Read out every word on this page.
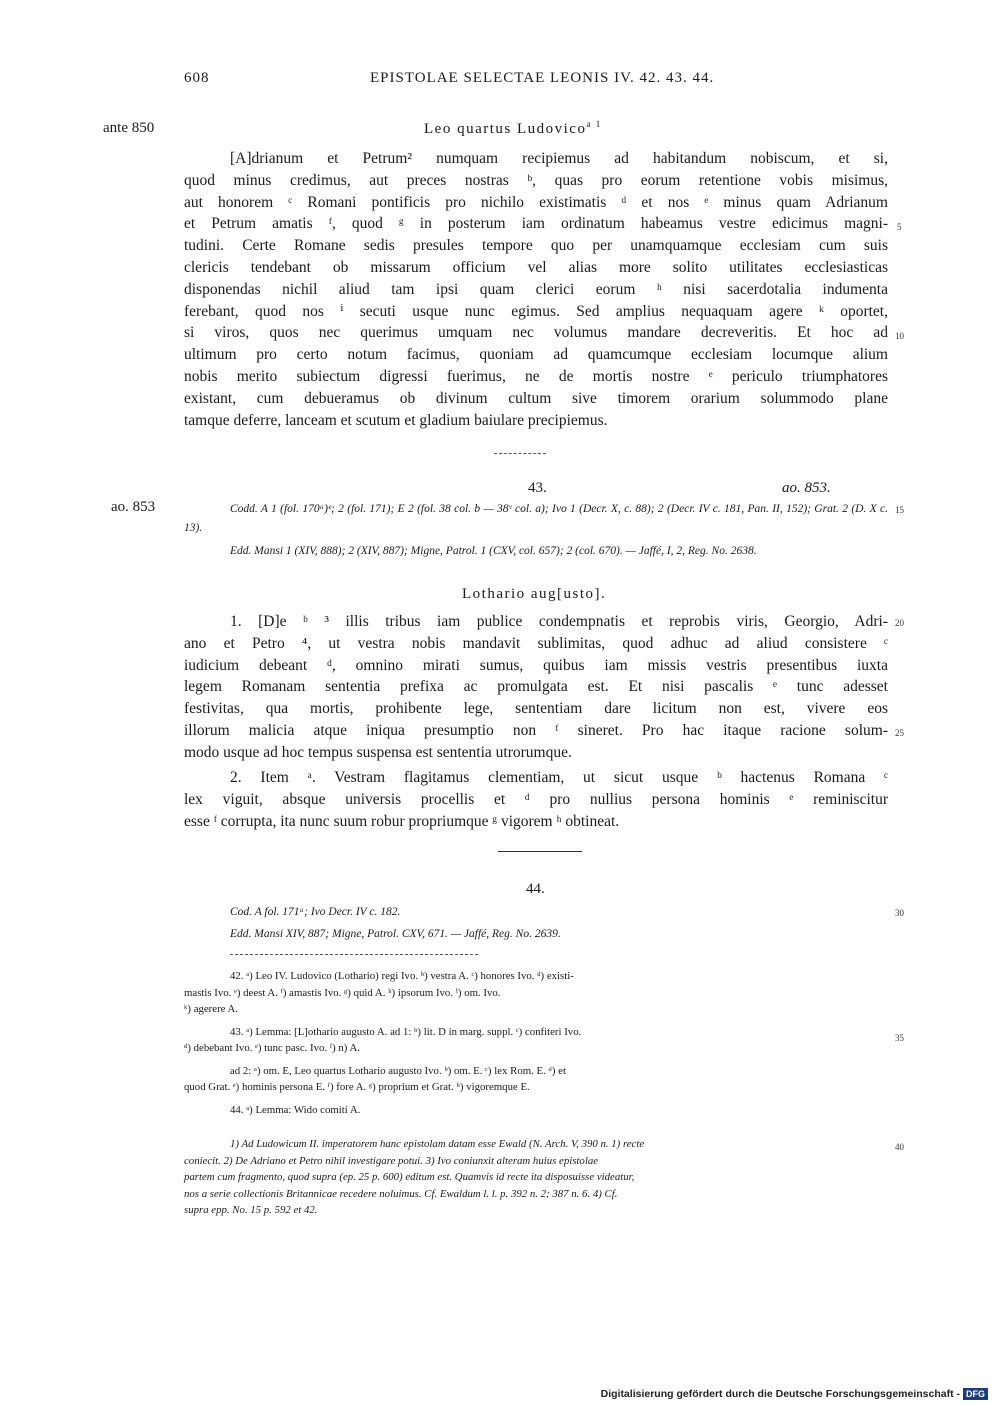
608	EPISTOLAE SELECTAE LEONIS IV. 42. 43. 44.
ante 850	Leo quartus Ludovico$^{a 1}$
[A]drianum et Petrum² numquam recipiemus ad habitandum nobiscum, et si,
quod minus credimus, aut preces nostras ᵇ, quas pro eorum retentione vobis misimus,
aut honorem ᶜ Romani pontificis pro nichilo existimatis ᵈ et nos ᵉ minus quam Adrianum
et Petrum amatis ᶠ, quod ᵍ in posterum iam ordinatum habeamus vestre edicimus magni-
tudini. Certe Romane sedis presules tempore quo per unamquamque ecclesiam cum suis
clericis tendebant ob missarum officium vel alias more solito utilitates ecclesiasticas
disponendas nichil aliud tam ipsi quam clerici eorum ʰ nisi sacerdotalia indumenta
ferebant, quod nos ⁱ secuti usque nunc egimus. Sed amplius nequaquam agere ᵏ oportet,
si viros, quos nec querimus umquam nec volumus mandare decreveritis. Et hoc ad
ultimum pro certo notum facimus, quoniam ad quamcumque ecclesiam locumque alium
nobis merito subiectum digressi fuerimus, ne de mortis nostre ᵉ periculo triumphatores
existant, cum debueramus ob divinum cultum sive timorem orarium solummodo plane
tamque deferre, lanceam et scutum et gladium baiulare precipiemus.
5
10
43.	ao. 853.
ao. 853	Codd. A 1 (fol. 170ᵃ)ᵉ; 2 (fol. 171); E 2 (fol. 38 col. b — 38ᵛ col. a); Ivo 1 (Decr. X, c. 88); 2 (Decr. IV c. 181, Pan. II, 152); Grat. 2 (D. X c. 13).
Edd. Mansi 1 (XIV, 888); 2 (XIV, 887); Migne, Patrol. 1 (CXV, col. 657); 2 (col. 670). — Jaffé, I, 2, Reg. No. 2638.
15
Lothario aug[usto].
1. [D]e ᵇ ³ illis tribus iam publice condempnatis et reprobis viris, Georgio, Adri-
ano et Petro ⁴, ut vestra nobis mandavit sublimitas, quod adhuc ad aliud consistere ᶜ
iudicium debeant ᵈ, omnino mirati sumus, quibus iam missis vestris presentibus iuxta
legem Romanam sententia prefixa ac promulgata est. Et nisi pascalis ᵉ tunc adesset
festivitas, qua mortis, prohibente lege, sententiam dare licitum non est, vivere eos
illorum malicia atque iniqua presumptio non ᶠ sineret. Pro hac itaque racione solum-
modo usque ad hoc tempus suspensa est sententia utrorumque.
20
25
2. Item ᵃ. Vestram flagitamus clementiam, ut sicut usque ᵇ hactenus Romana ᶜ
lex viguit, absque universis procellis et ᵈ pro nullius persona hominis ᵉ reminiscitur
esse ᶠ corrupta, ita nunc suum robur propriumque ᵍ vigorem ʰ obtineat.
44.
Cod. A fol. 171ᵃ; Ivo Decr. IV c. 182.
Edd. Mansi XIV, 887; Migne, Patrol. CXV, 671. — Jaffé, Reg. No. 2639.
30
42. ᵃ) Leo IV. Ludovico (Lothario) regi Ivo. ᵇ) vestra A. ᶜ) honores Ivo. ᵈ) existi-
mastis Ivo. ᵉ) deest A. ᶠ) amastis Ivo. ᵍ) quid A. ʰ) ipsorum Ivo. ⁱ) om. Ivo.
ᵏ) agerere A.
43. ᵃ) Lemma: [L]othario augusto A. ad 1: ᵇ) lit. D in marg. suppl. ᶜ) confiteri Ivo.
ᵈ) debebant Ivo. ᵉ) tunc pasc. Ivo. ᶠ) n) A.
ad 2: ᵃ) om. E, Leo quartus Lothario augusto Ivo. ᵇ) om. E. ᶜ) lex Rom. E. ᵈ) et
quod Grat. ᵉ) hominis persona E. ᶠ) fore A. ᵍ) proprium et Grat. ʰ) vigoremque E.
44. ᵃ) Lemma: Wido comiti A.
35
1) Ad Ludowicum II. imperatorem hanc epistolam datam esse Ewald (N. Arch. V, 390 n. 1) recte
coniecit. 2) De Adriano et Petro nihil investigare potui. 3) Ivo coniunxit alteram huius epistolae
partem cum fragmento, quod supra (ep. 25 p. 600) editum est. Quamvis id recte ita disposuisse videatur,
nos a serie collectionis Britannicae recedere noluimus. Cf. Ewaldum l. l. p. 392 n. 2; 387 n. 6. 4) Cf.
supra epp. No. 15 p. 592 et 42.
40
Digitalisierung gefördert durch die Deutsche Forschungsgemeinschaft - DFG
